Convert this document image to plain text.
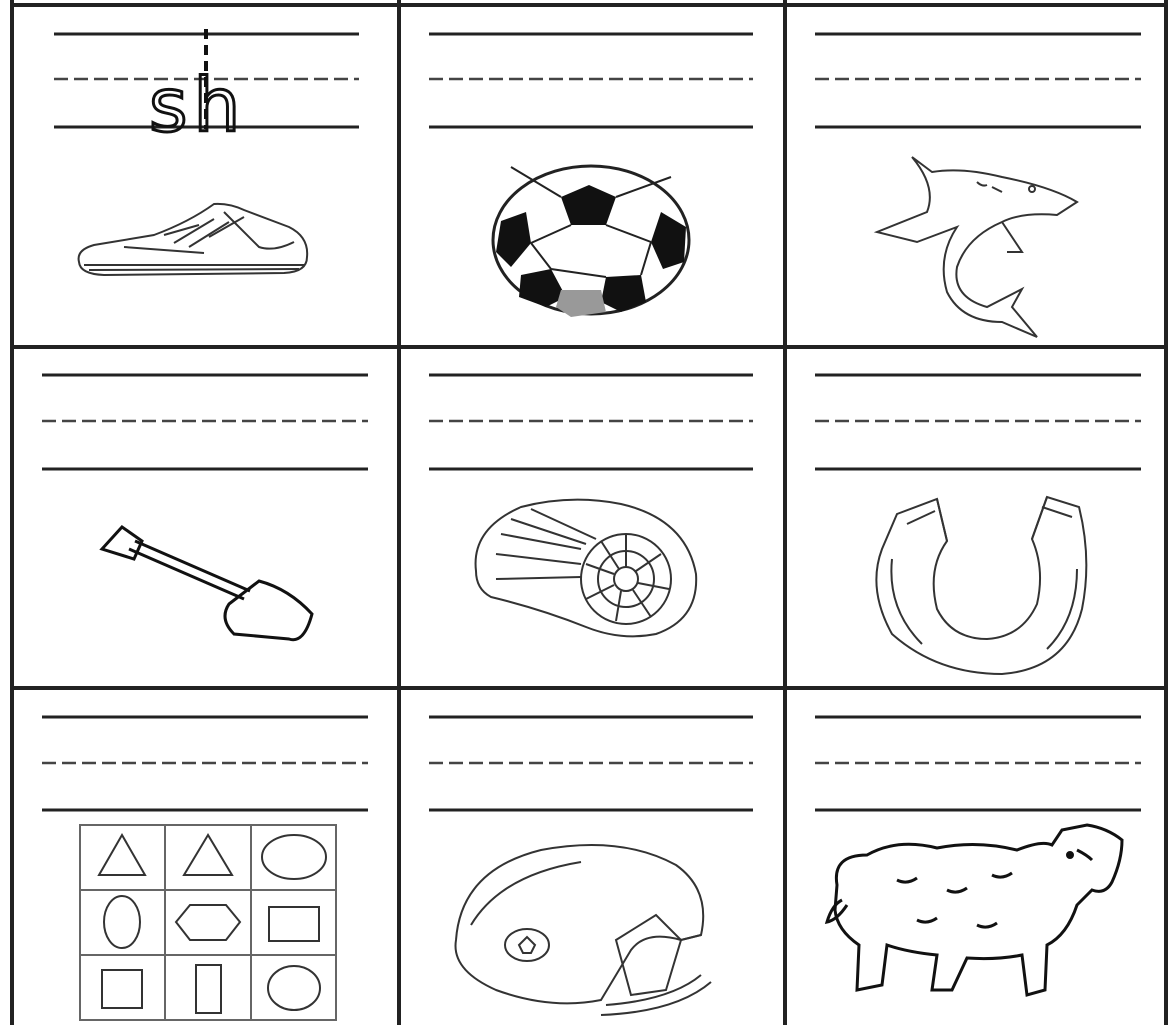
sh
